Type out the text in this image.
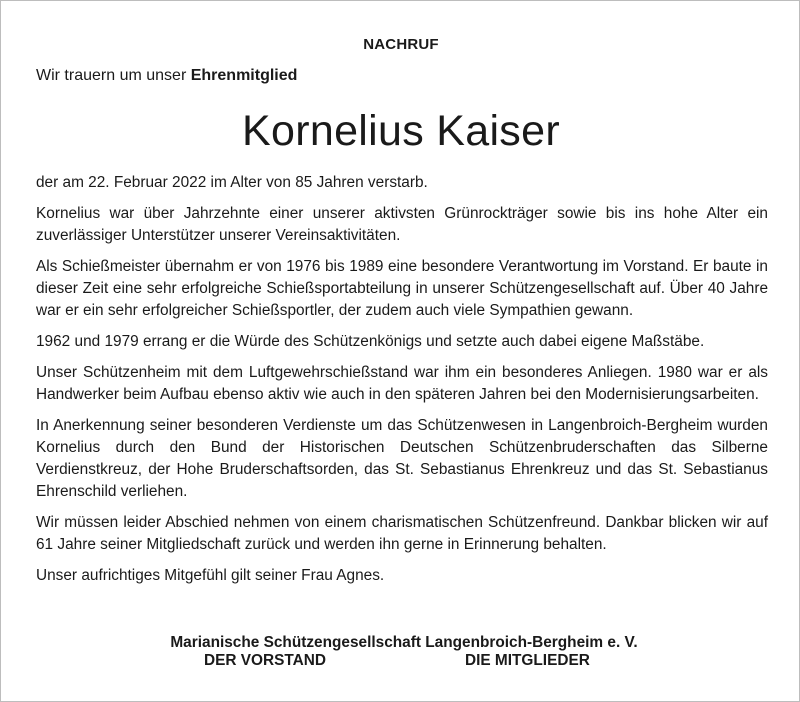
NACHRUF
Wir trauern um unser Ehrenmitglied
Kornelius Kaiser

der am 22. Februar 2022 im Alter von 85 Jahren verstarb.

Kornelius war über Jahrzehnte einer unserer aktivsten Grünrockträger sowie bis ins hohe Alter ein zuverlässiger Unterstützer unserer Vereinsaktivitäten.

Als Schießmeister übernahm er von 1976 bis 1989 eine besondere Verantwortung im Vorstand. Er baute in dieser Zeit eine sehr erfolgreiche Schießsportabteilung in unserer Schützengesellschaft auf. Über 40 Jahre war er ein sehr erfolgreicher Schießsportler, der zudem auch viele Sympathien gewann.

1962 und 1979 errang er die Würde des Schützenkönigs und setzte auch dabei eigene Maßstäbe.

Unser Schützenheim mit dem Luftgewehrschießstand war ihm ein besonderes Anliegen. 1980 war er als Handwerker beim Aufbau ebenso aktiv wie auch in den späteren Jahren bei den Modernisierungsarbeiten.

In Anerkennung seiner besonderen Verdienste um das Schützenwesen in Langenbroich-Bergheim wurden Kornelius durch den Bund der Historischen Deutschen Schützenbruderschaften das Silberne Verdienstkreuz, der Hohe Bruderschaftsorden, das St. Sebastianus Ehrenkreuz und das St. Sebastianus Ehrenschild verliehen.

Wir müssen leider Abschied nehmen von einem charismatischen Schützenfreund. Dankbar blicken wir auf 61 Jahre seiner Mitgliedschaft zurück und werden ihn gerne in Erinnerung behalten.

Unser aufrichtiges Mitgefühl gilt seiner Frau Agnes.

Marianische Schützengesellschaft Langenbroich-Bergheim e. V.
DER VORSTAND	DIE MITGLIEDER
